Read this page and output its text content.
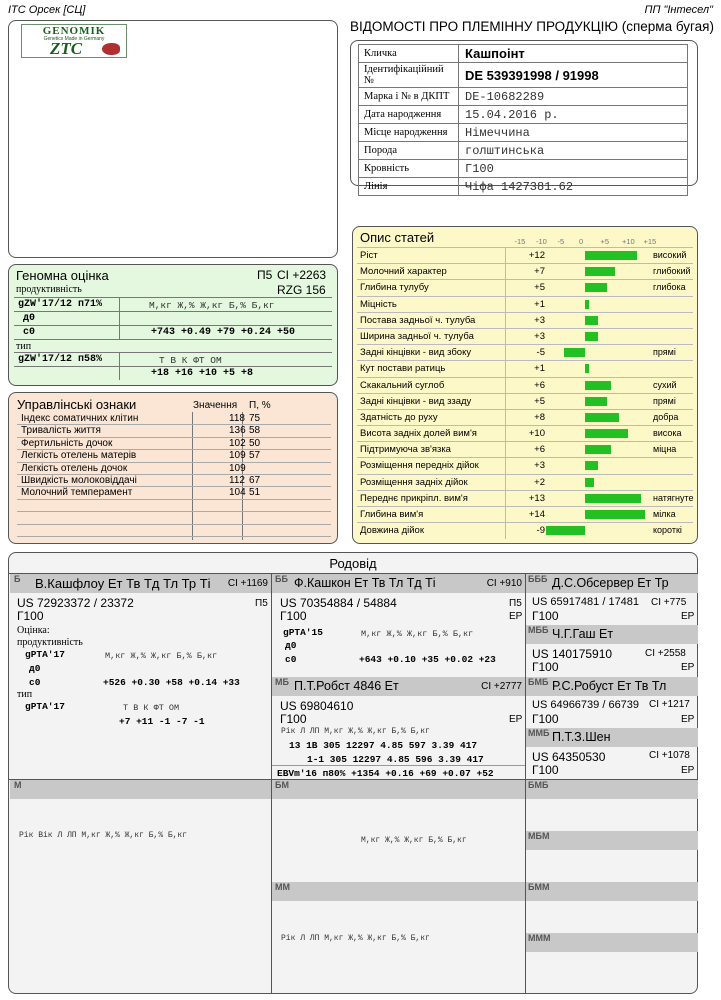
ІТС Орсек [СЦ]	ПП "Інтесел"
GENOMIK
Genetics Made in Germany
ZTC
ВІДОМОСТІ ПРО ПЛЕМІННУ ПРОДУКЦІЮ (сперма бугая)
Кличка	Кашпоінт
Ідентифікаційний №	DE 539391998 / 91998
Марка і № в ДКПТ	DE-10682289
Дата народження	15.04.2016 р.
Місце народження	Німеччина
Порода	голштинська
Кровність	Г100
Лінія	Чіфа 1427381.62
Геномна оцінка	П5 CI +2263
RZG 156
продуктивність
gZW'17/12 п71%	М,кг Ж,% Ж,кг Б,% Б,кг
д0
с0	+743 +0.49 +79 +0.24 +50
тип
gZW'17/12 п58%	Т В К ФТ ОМ
+18 +16 +10 +5 +8
Управлінські ознаки	Значення П, %
Індекс соматичних клітин	118 75
Тривалість життя	136 58
Фертильність дочок	102 50
Легкість отелень матерів	109 57
Легкість отелень дочок	109
Швидкість молоковіддачі	112 67
Молочний темперамент	104 51
Опис статей	-15 -10 -5 0 +5 +10 +15
Ріст	+12	високий
Молочний характер	+7	глибокий
Глибина тулубу	+5	глибока
Міцність	+1
Постава задньої ч. тулуба	+3
Ширина задньої ч. тулуба	+3
Задні кінцівки - вид збоку	-5	прямі
Кут постави ратиць	+1
Скакальний суглоб	+6	сухий
Задні кінцівки - вид ззаду	+5	прямі
Здатність до руху	+8	добра
Висота задніх долей вим'я	+10	висока
Підтримуюча зв'язка	+6	міцна
Розміщення передніх дійок	+3
Розміщення задніх дійок	+2
Переднє прикріпл. вим'я	+13	натягнуте
Глибина вим'я	+14	мілка
Довжина дійок	-9	короткі
Родовід
Б В.Кашфлоу Ет Тв Тд Тл Тр Ті CI +1169
US 72923372 / 23372	П5
Г100
Оцінка:
продуктивність
gPTA'17	М,кг Ж,% Ж,кг Б,% Б,кг
д0
с0	+526 +0.30 +58 +0.14 +33
тип
gPTA'17	Т В К ФТ ОМ
+7 +11 -1 -7 -1
ББ Ф.Кашкон Ет Тв Тл Тд Ті	CI +910
US 70354884 / 54884	П5
Г100	EP
gPTA'15	М,кг Ж,% Ж,кг Б,% Б,кг
д0
с0	+643 +0.10 +35 +0.02 +23
МБ П.Т.Робст 4846 Ет	CI +2777
US 69804610
Г100	EP
Рік Л ЛП М,кг Ж,% Ж,кг Б,% Б,кг
13 1В 305 12297 4.85 597 3.39 417
1-1 305 12297 4.85 596 3.39 417
EBVm'16 п80% +1354 +0.16 +69 +0.07 +52
БББ Д.С.Обсервер Ет Тр
US 65917481 / 17481 CI +775
Г100	EP
МББ Ч.Г.Гаш Ет
US 140175910	CI +2558
Г100	EP
БМБ Р.С.Робуст Ет Тв Тл
US 64966739 / 66739 CI +1217
Г100	EP
ММБ П.Т.З.Шен
US 64350530	CI +1078
Г100	EP
М
Рік Вік Л ЛП М,кг Ж,% Ж,кг Б,% Б,кг
БМ
М,кг Ж,% Ж,кг Б,% Б,кг
ММ
Рік Л ЛП М,кг Ж,% Ж,кг Б,% Б,кг
БМБ
МБМ
БММ
МММ
